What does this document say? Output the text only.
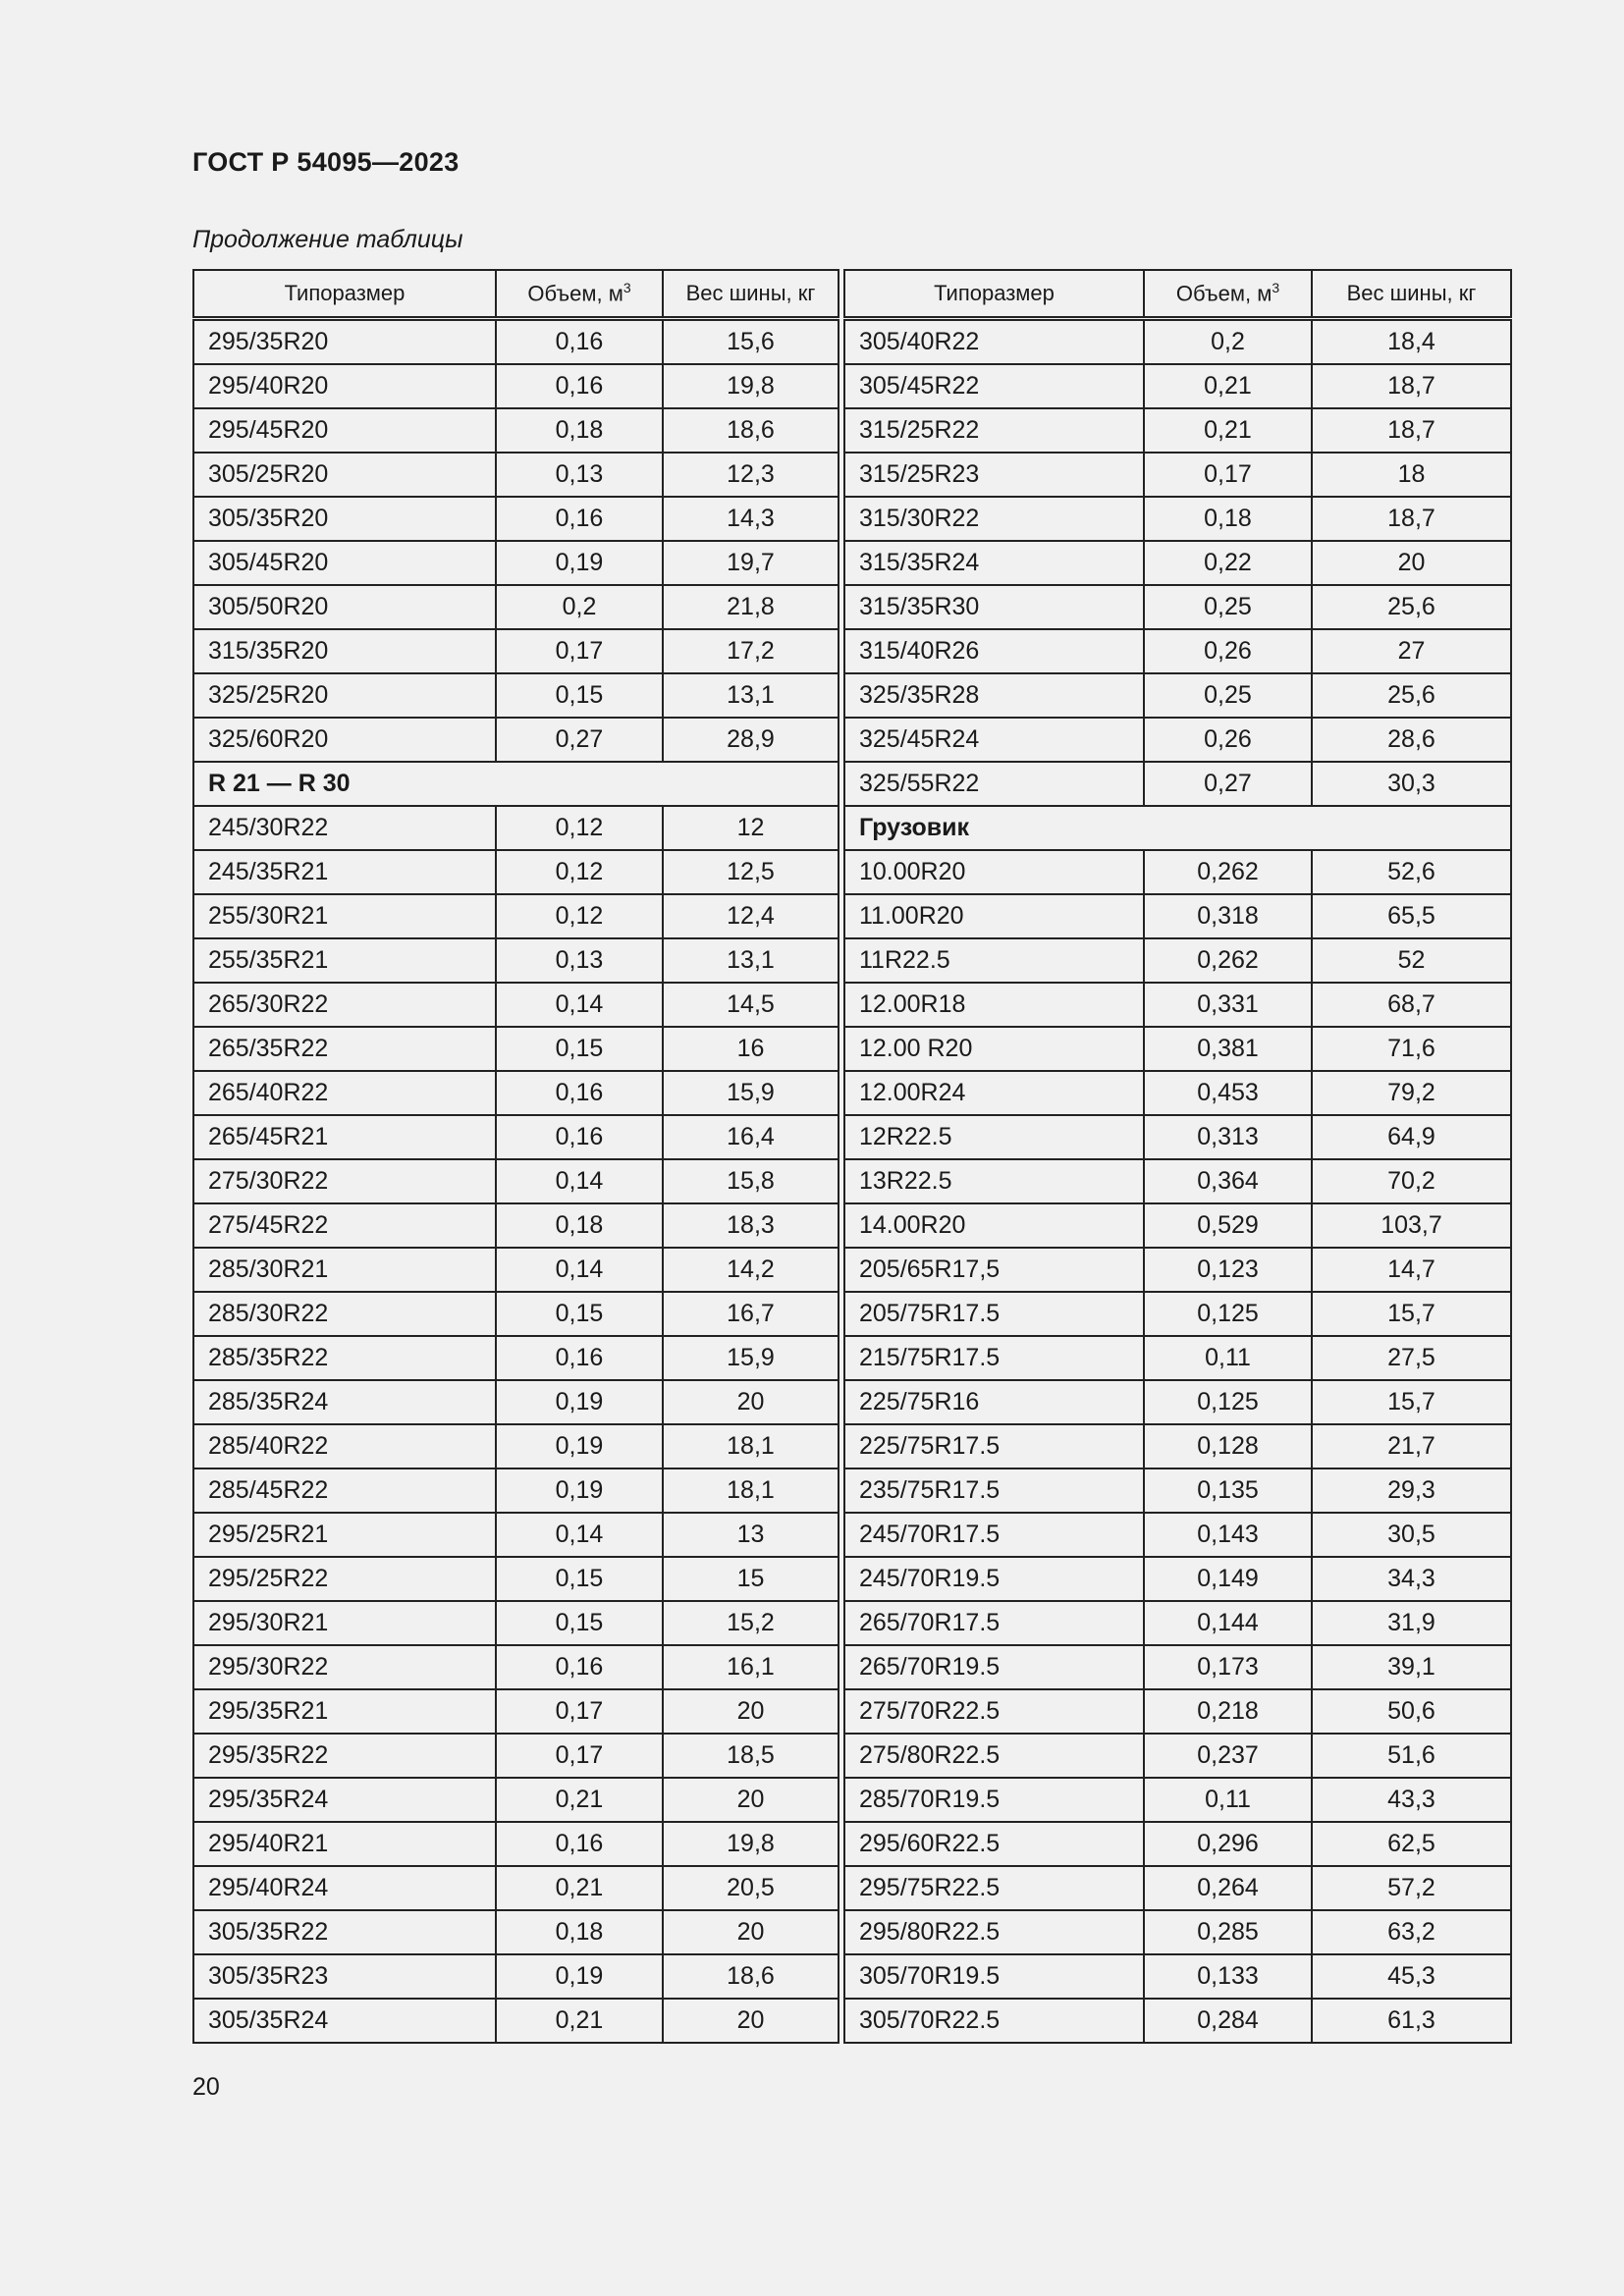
ГОСТ Р 54095—2023
Продолжение таблицы
Типоразмер	Объем, $м^3$	Вес шины, кг
295/35R20	0,16	15,6
295/40R20	0,16	19,8
295/45R20	0,18	18,6
305/25R20	0,13	12,3
305/35R20	0,16	14,3
305/45R20	0,19	19,7
305/50R20	0,2	21,8
315/35R20	0,17	17,2
325/25R20	0,15	13,1
325/60R20	0,27	28,9
R 21 — R 30		
245/30R22	0,12	12
245/35R21	0,12	12,5
255/30R21	0,12	12,4
255/35R21	0,13	13,1
265/30R22	0,14	14,5
265/35R22	0,15	16
265/40R22	0,16	15,9
265/45R21	0,16	16,4
275/30R22	0,14	15,8
275/45R22	0,18	18,3
285/30R21	0,14	14,2
285/30R22	0,15	16,7
285/35R22	0,16	15,9
285/35R24	0,19	20
285/40R22	0,19	18,1
285/45R22	0,19	18,1
295/25R21	0,14	13
295/25R22	0,15	15
295/30R21	0,15	15,2
295/30R22	0,16	16,1
295/35R21	0,17	20
295/35R22	0,17	18,5
295/35R24	0,21	20
295/40R21	0,16	19,8
295/40R24	0,21	20,5
305/35R22	0,18	20
305/35R23	0,19	18,6
305/35R24	0,21	20
Типоразмер	Объем, $м^3$	Вес шины, кг
305/40R22	0,2	18,4
305/45R22	0,21	18,7
315/25R22	0,21	18,7
315/25R23	0,17	18
315/30R22	0,18	18,7
315/35R24	0,22	20
315/35R30	0,25	25,6
315/40R26	0,26	27
325/35R28	0,25	25,6
325/45R24	0,26	28,6
325/55R22	0,27	30,3
Грузовик		
10.00R20	0,262	52,6
11.00R20	0,318	65,5
11R22.5	0,262	52
12.00R18	0,331	68,7
12.00 R20	0,381	71,6
12.00R24	0,453	79,2
12R22.5	0,313	64,9
13R22.5	0,364	70,2
14.00R20	0,529	103,7
205/65R17,5	0,123	14,7
205/75R17.5	0,125	15,7
215/75R17.5	0,11	27,5
225/75R16	0,125	15,7
225/75R17.5	0,128	21,7
235/75R17.5	0,135	29,3
245/70R17.5	0,143	30,5
245/70R19.5	0,149	34,3
265/70R17.5	0,144	31,9
265/70R19.5	0,173	39,1
275/70R22.5	0,218	50,6
275/80R22.5	0,237	51,6
285/70R19.5	0,11	43,3
295/60R22.5	0,296	62,5
295/75R22.5	0,264	57,2
295/80R22.5	0,285	63,2
305/70R19.5	0,133	45,3
305/70R22.5	0,284	61,3
20
